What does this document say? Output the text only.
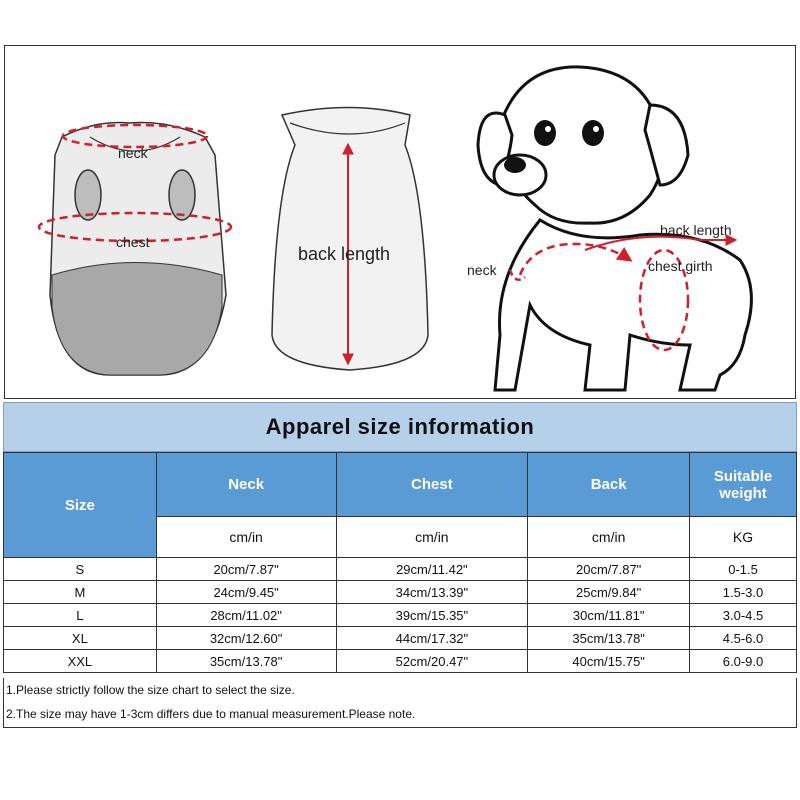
neck
chest
back length
back length
neck	chest girth
Apparel size information
Size	Neck	Chest	Back	Suitable weight
	cm/in	cm/in	cm/in	KG
S	20cm/7.87"	29cm/11.42"	20cm/7.87"	0-1.5
M	24cm/9.45"	34cm/13.39"	25cm/9.84"	1.5-3.0
L	28cm/11.02"	39cm/15.35"	30cm/11.81"	3.0-4.5
XL	32cm/12.60"	44cm/17.32"	35cm/13.78"	4.5-6.0
XXL	35cm/13.78"	52cm/20.47"	40cm/15.75"	6.0-9.0
1.Please strictly follow the size chart to select the size.
2.The size may have 1-3cm differs due to manual measurement.Please note.
